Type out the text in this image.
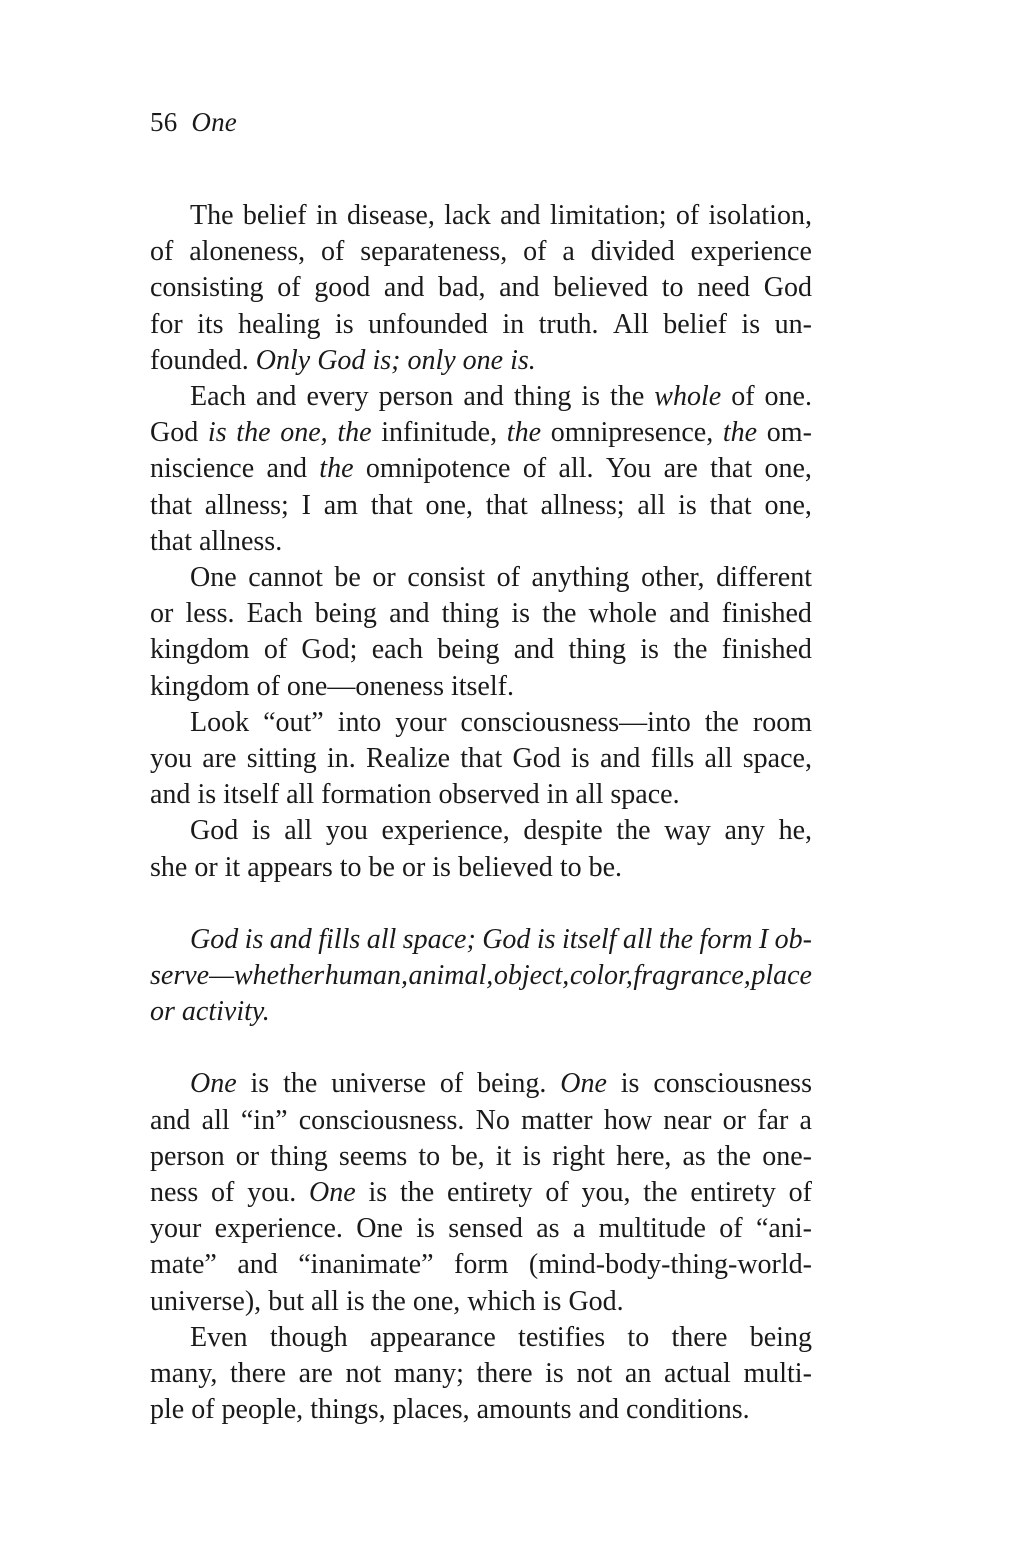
56 One
The belief in disease, lack and limitation; of isolation,
of aloneness, of separateness, of a divided experience
consisting of good and bad, and believed to need God
for its healing is unfounded in truth. All belief is un-
founded. Only God is; only one is.
Each and every person and thing is the whole of one.
God is the one, the infinitude, the omnipresence, the om-
niscience and the omnipotence of all. You are that one,
that allness; I am that one, that allness; all is that one,
that allness.
One cannot be or consist of anything other, different
or less. Each being and thing is the whole and finished
kingdom of God; each being and thing is the finished
kingdom of one—oneness itself.
Look “out” into your consciousness—into the room
you are sitting in. Realize that God is and fills all space,
and is itself all formation observed in all space.
God is all you experience, despite the way any he,
she or it appears to be or is believed to be.
God is and fills all space; God is itself all the form I ob-
serve—whether human, animal, object, color, fragrance, place
or activity.
One is the universe of being. One is consciousness
and all “in” consciousness. No matter how near or far a
person or thing seems to be, it is right here, as the one-
ness of you. One is the entirety of you, the entirety of
your experience. One is sensed as a multitude of “ani-
mate” and “inanimate” form (mind-body-thing-world-
universe), but all is the one, which is God.
Even though appearance testifies to there being
many, there are not many; there is not an actual multi-
ple of people, things, places, amounts and conditions.
